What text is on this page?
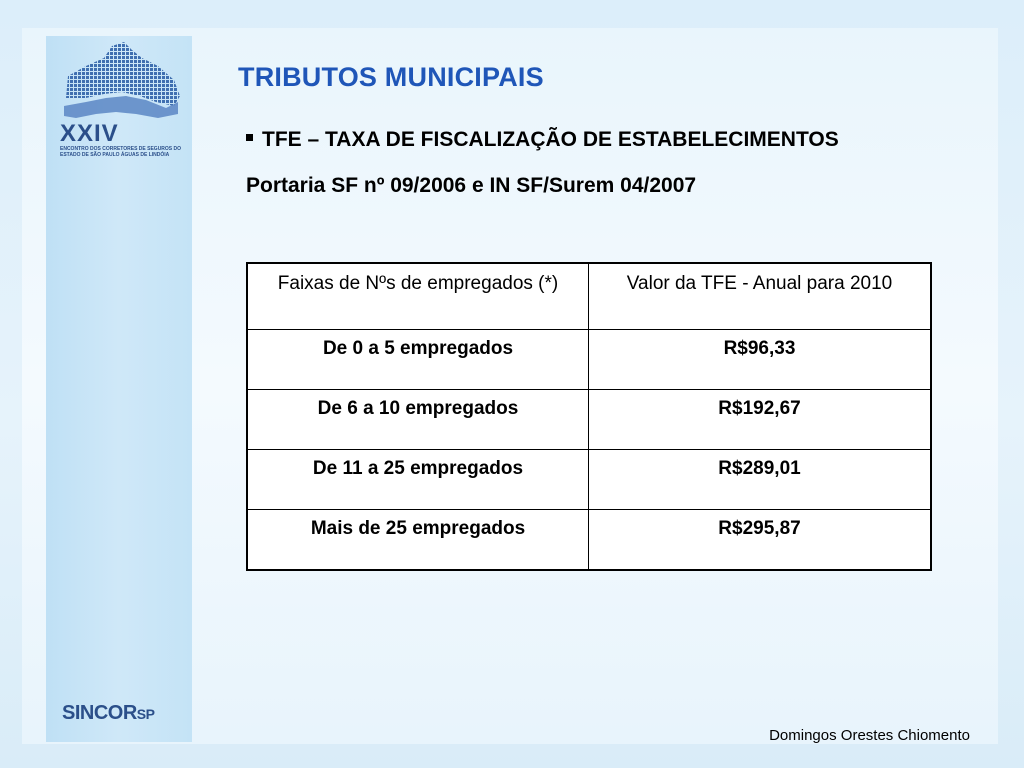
XXIV
ENCONTRO DOS CORRETORES DE SEGUROS DO ESTADO DE SÃO PAULO ÁGUAS DE LINDÓIA
SINCORSP
TRIBUTOS MUNICIPAIS
TFE – TAXA DE FISCALIZAÇÃO DE ESTABELECIMENTOS
Portaria SF nº 09/2006 e IN SF/Surem 04/2007
Faixas de Nºs de empregados (*)	Valor da TFE - Anual para 2010
De 0 a 5 empregados	R$96,33
De 6 a 10 empregados	R$192,67
De 11 a 25 empregados	R$289,01
Mais de 25 empregados	R$295,87
Domingos Orestes Chiomento
